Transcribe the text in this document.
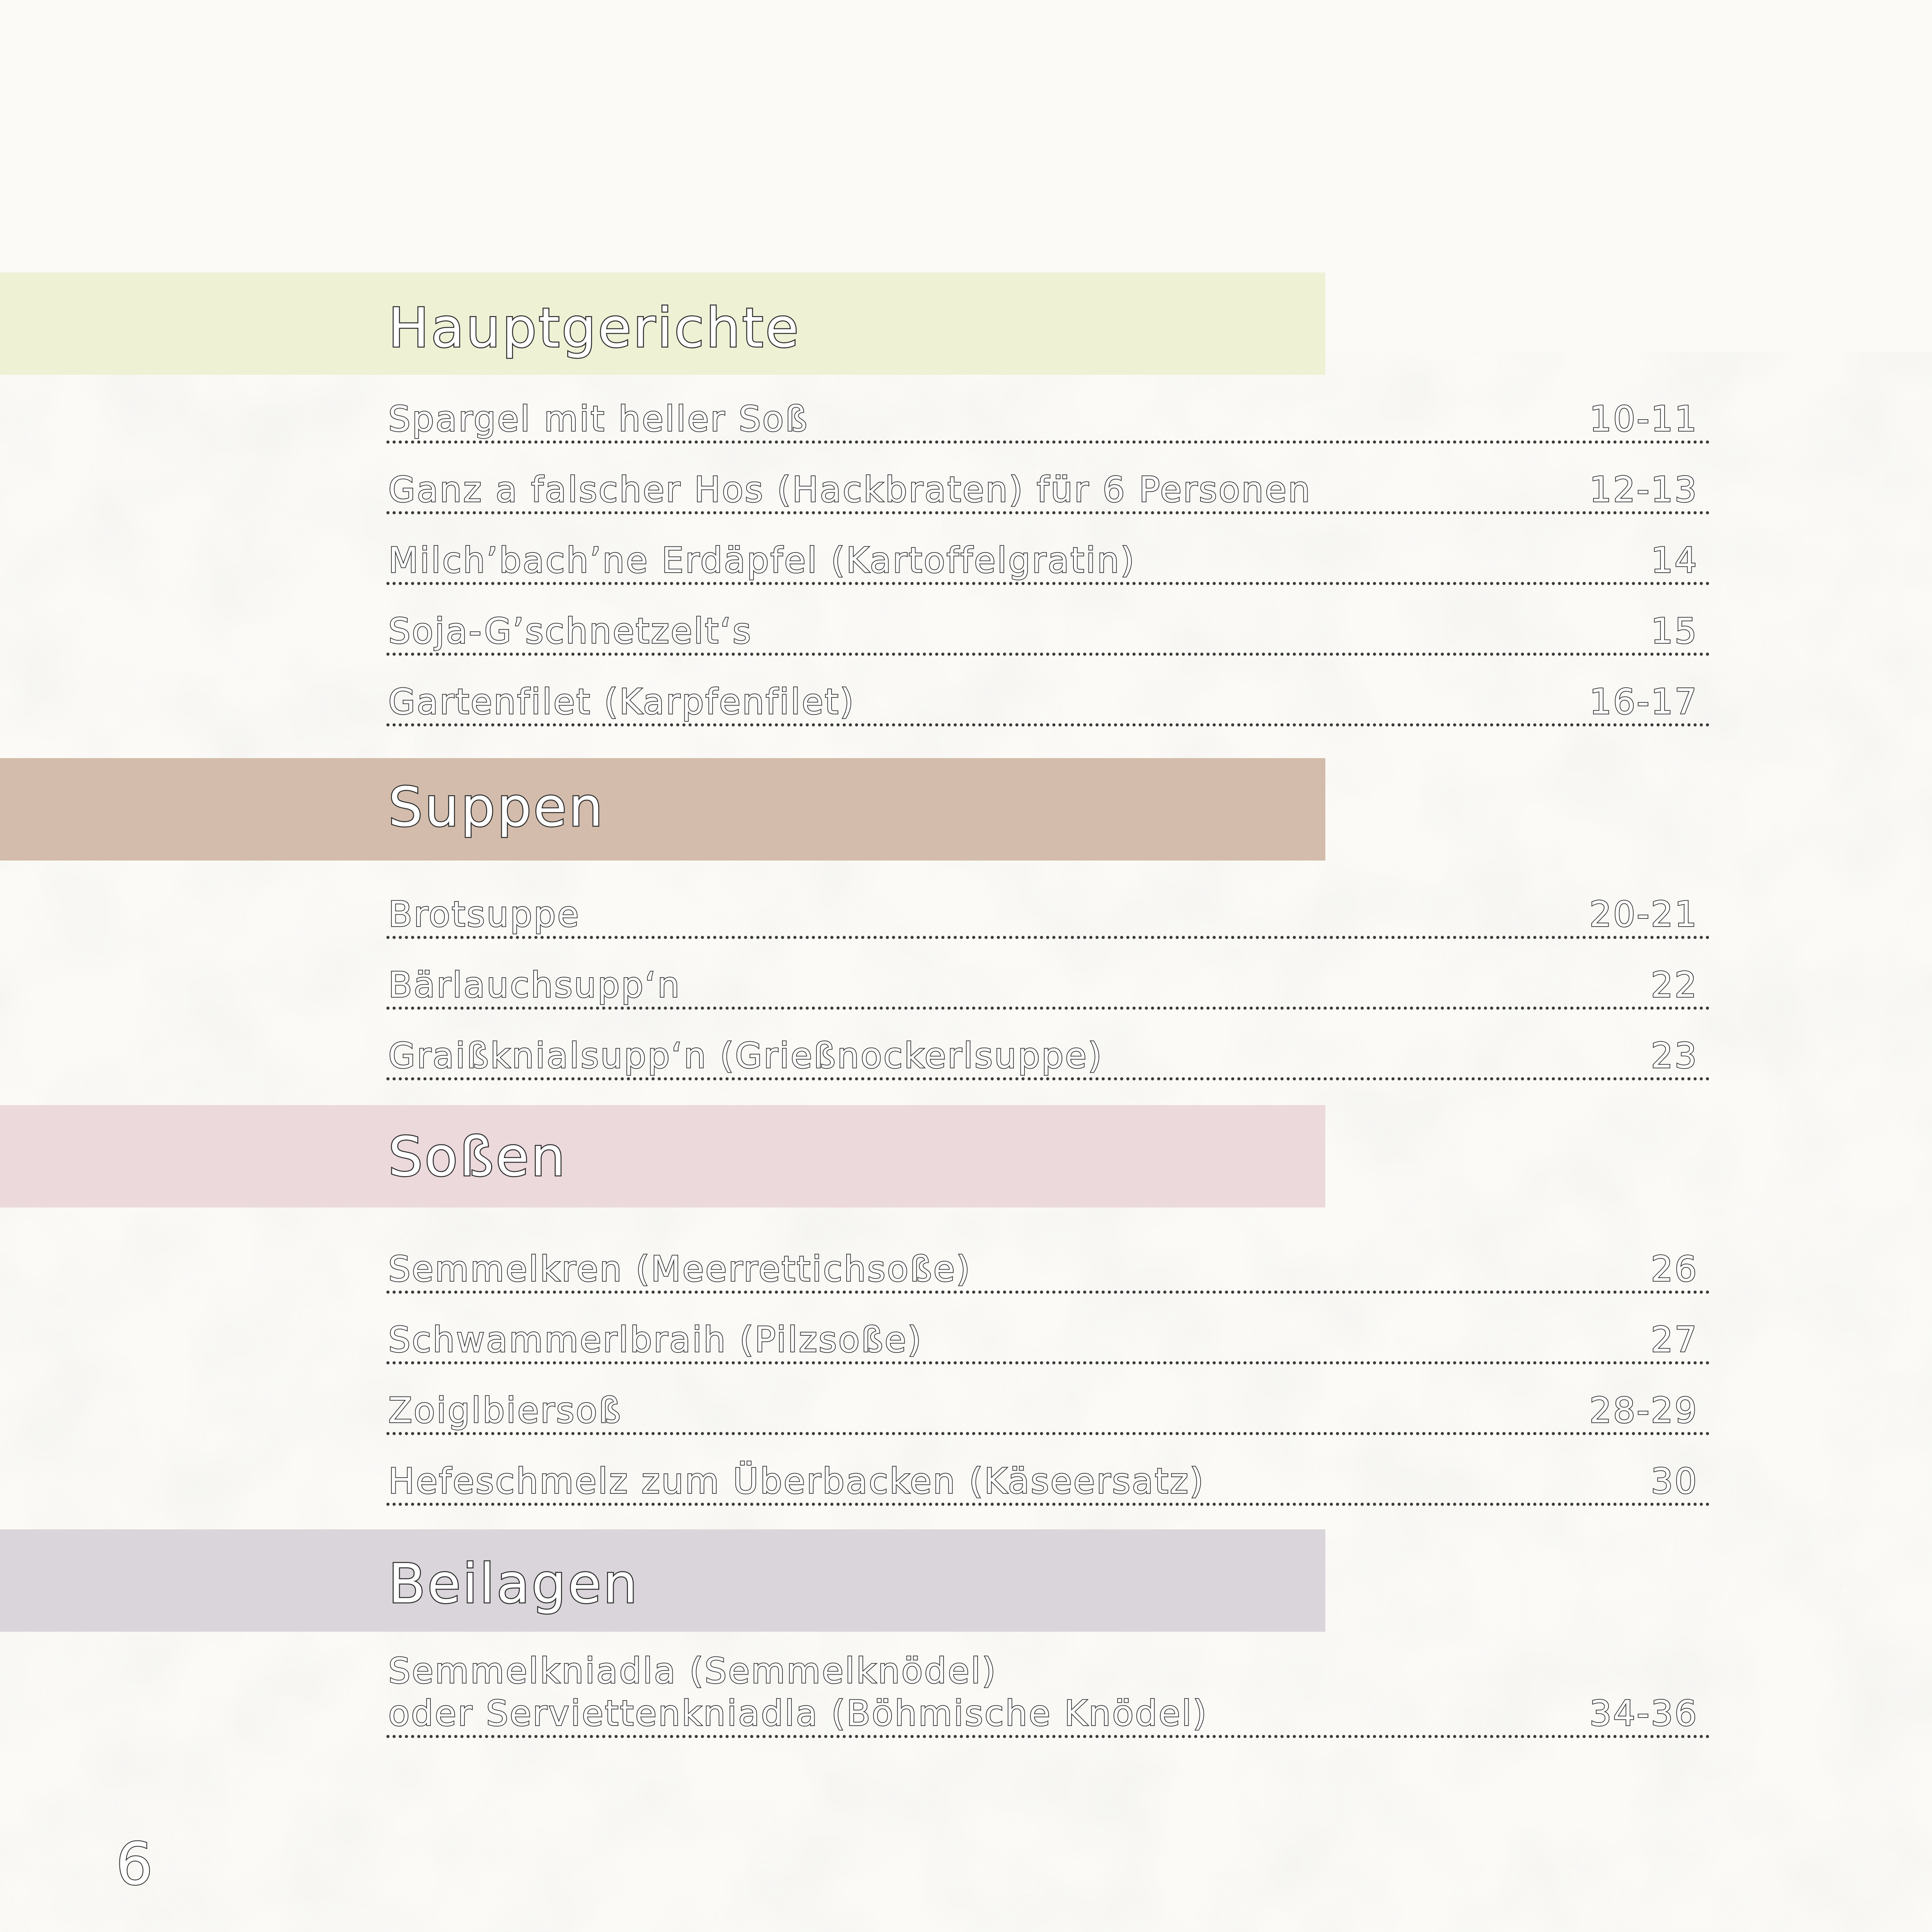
Hauptgerichte
Spargel mit heller Soß	10-11
Ganz a falscher Hos (Hackbraten) für 6 Personen	12-13
Milch’bach’ne Erdäpfel (Kartoffelgratin)	14
Soja-G’schnetzelt‘s	15
Gartenfilet (Karpfenfilet)	16-17
Suppen
Brotsuppe	20-21
Bärlauchsupp‘n	22
Graißknialsupp‘n (Grießnockerlsuppe)	23
Soßen
Semmelkren (Meerrettichsoße)	26
Schwammerlbraih (Pilzsoße)	27
Zoiglbiersoß	28-29
Hefeschmelz zum Überbacken (Käseersatz)	30
Beilagen
Semmelkniadla (Semmelknödel)
oder Serviettenkniadla (Böhmische Knödel)	34-36
6
